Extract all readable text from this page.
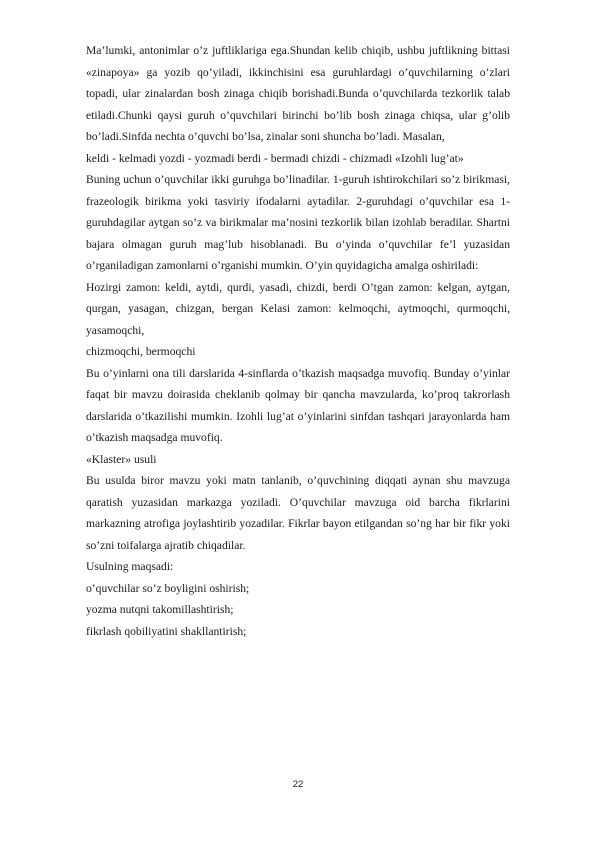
Ma’lumki, antonimlar o’z juftliklariga ega.Shundan kelib chiqib, ushbu juftlikning bittasi «zinapoya» ga yozib qo’yiladi, ikkinchisini esa guruhlardagi o’quvchilarning o’zlari topadi, ular zinalardan bosh zinaga chiqib borishadi.Bunda o’quvchilarda tezkorlik talab etiladi.Chunki qaysi guruh o’quvchilari birinchi bo’lib bosh zinaga chiqsa, ular g’olib bo’ladi.Sinfda nechta o’quvchi bo’lsa, zinalar soni shuncha bo’ladi. Masalan,

keldi - kelmadi yozdi - yozmadi berdi - bermadi chizdi - chizmadi «Izohli lug’at»

Buning uchun o’quvchilar ikki guruhga bo’linadilar. 1-guruh ishtirokchilari so’z birikmasi, frazeologik birikma yoki tasviriy ifodalarni aytadilar. 2-guruhdagi o’quvchilar esa 1- guruhdagilar aytgan so’z va birikmalar ma’nosini tezkorlik bilan izohlab beradilar. Shartni bajara olmagan guruh mag’lub hisoblanadi. Bu o’yinda o’quvchilar fe’l yuzasidan o’rganiladigan zamonlarni o’rganishi mumkin. O’yin quyidagicha amalga oshiriladi:

Hozirgi zamon: keldi, aytdi, qurdi, yasadi, chizdi, berdi O’tgan zamon: kelgan, aytgan, qurgan, yasagan, chizgan, bergan Kelasi zamon: kelmoqchi, aytmoqchi, qurmoqchi, yasamoqchi,

chizmoqchi, bermoqchi

Bu o’yinlarni ona tili darslarida 4-sinflarda o’tkazish maqsadga muvofiq. Bunday o’yinlar faqat bir mavzu doirasida cheklanib qolmay bir qancha mavzularda, ko’proq takrorlash darslarida o’tkazilishi mumkin. Izohli lug’at o’yinlarini sinfdan tashqari jarayonlarda ham o’tkazish maqsadga muvofiq.

«Klaster» usuli

Bu usulda biror mavzu yoki matn tanlanib, o’quvchining diqqati aynan shu mavzuga qaratish yuzasidan markazga yoziladi. O’quvchilar mavzuga oid barcha fikrlarini markazning atrofiga joylashtirib yozadilar. Fikrlar bayon etilgandan so’ng har bir fikr yoki so’zni toifalarga ajratib chiqadilar.

Usulning maqsadi:

o’quvchilar so’z boyligini oshirish;

yozma nutqni takomillashtirish;

fikrlash qobiliyatini shakllantirish;

22
